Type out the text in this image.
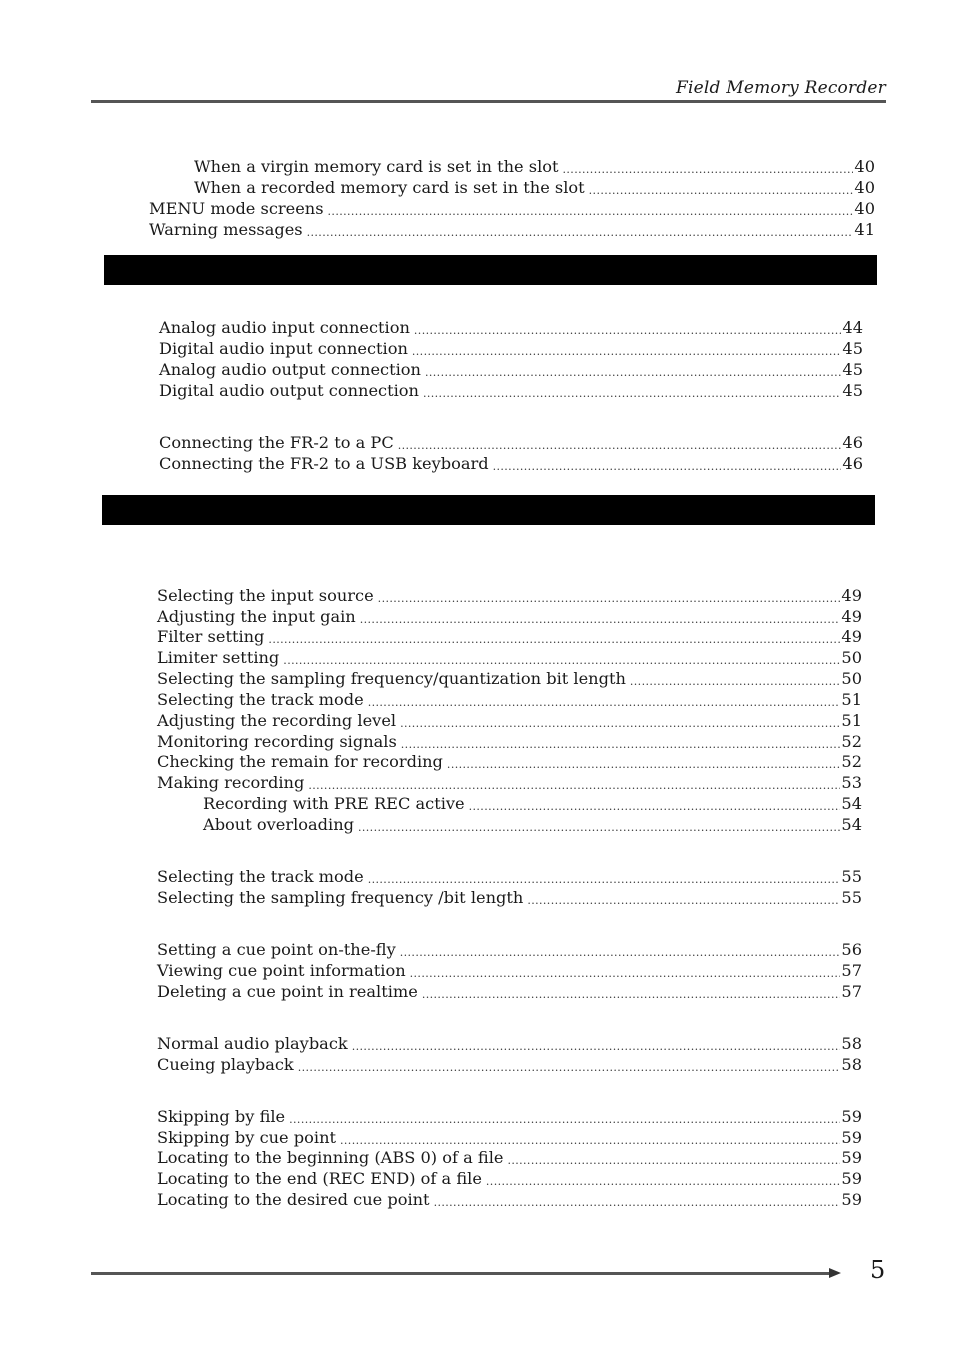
Field Memory Recorder
When a virgin memory card is set in the slot .....	40
When a recorded memory card is set in the slot .....	40
MENU mode screens .....	40
Warning messages .....	41
Analog audio input connection .....	44
Digital audio input connection .....	45
Analog audio output connection .....	45
Digital audio output connection .....	45
Connecting the FR-2 to a PC .....	46
Connecting the FR-2 to a USB keyboard .....	46
Selecting the input source .....	49
Adjusting the input gain .....	49
Filter setting .....	49
Limiter setting .....	50
Selecting the sampling frequency/quantization bit length .....	50
Selecting the track mode .....	51
Adjusting the recording level .....	51
Monitoring recording signals .....	52
Checking the remain for recording .....	52
Making recording .....	53
Recording with PRE REC active .....	54
About overloading .....	54
Selecting the track mode .....	55
Selecting the sampling frequency /bit length .....	55
Setting a cue point on-the-fly .....	56
Viewing cue point information .....	57
Deleting a cue point in realtime .....	57
Normal audio playback .....	58
Cueing playback .....	58
Skipping by file .....	59
Skipping by cue point .....	59
Locating to the beginning (ABS 0) of a file .....	59
Locating to the end (REC END) of a file .....	59
Locating to the desired cue point .....	59
5
